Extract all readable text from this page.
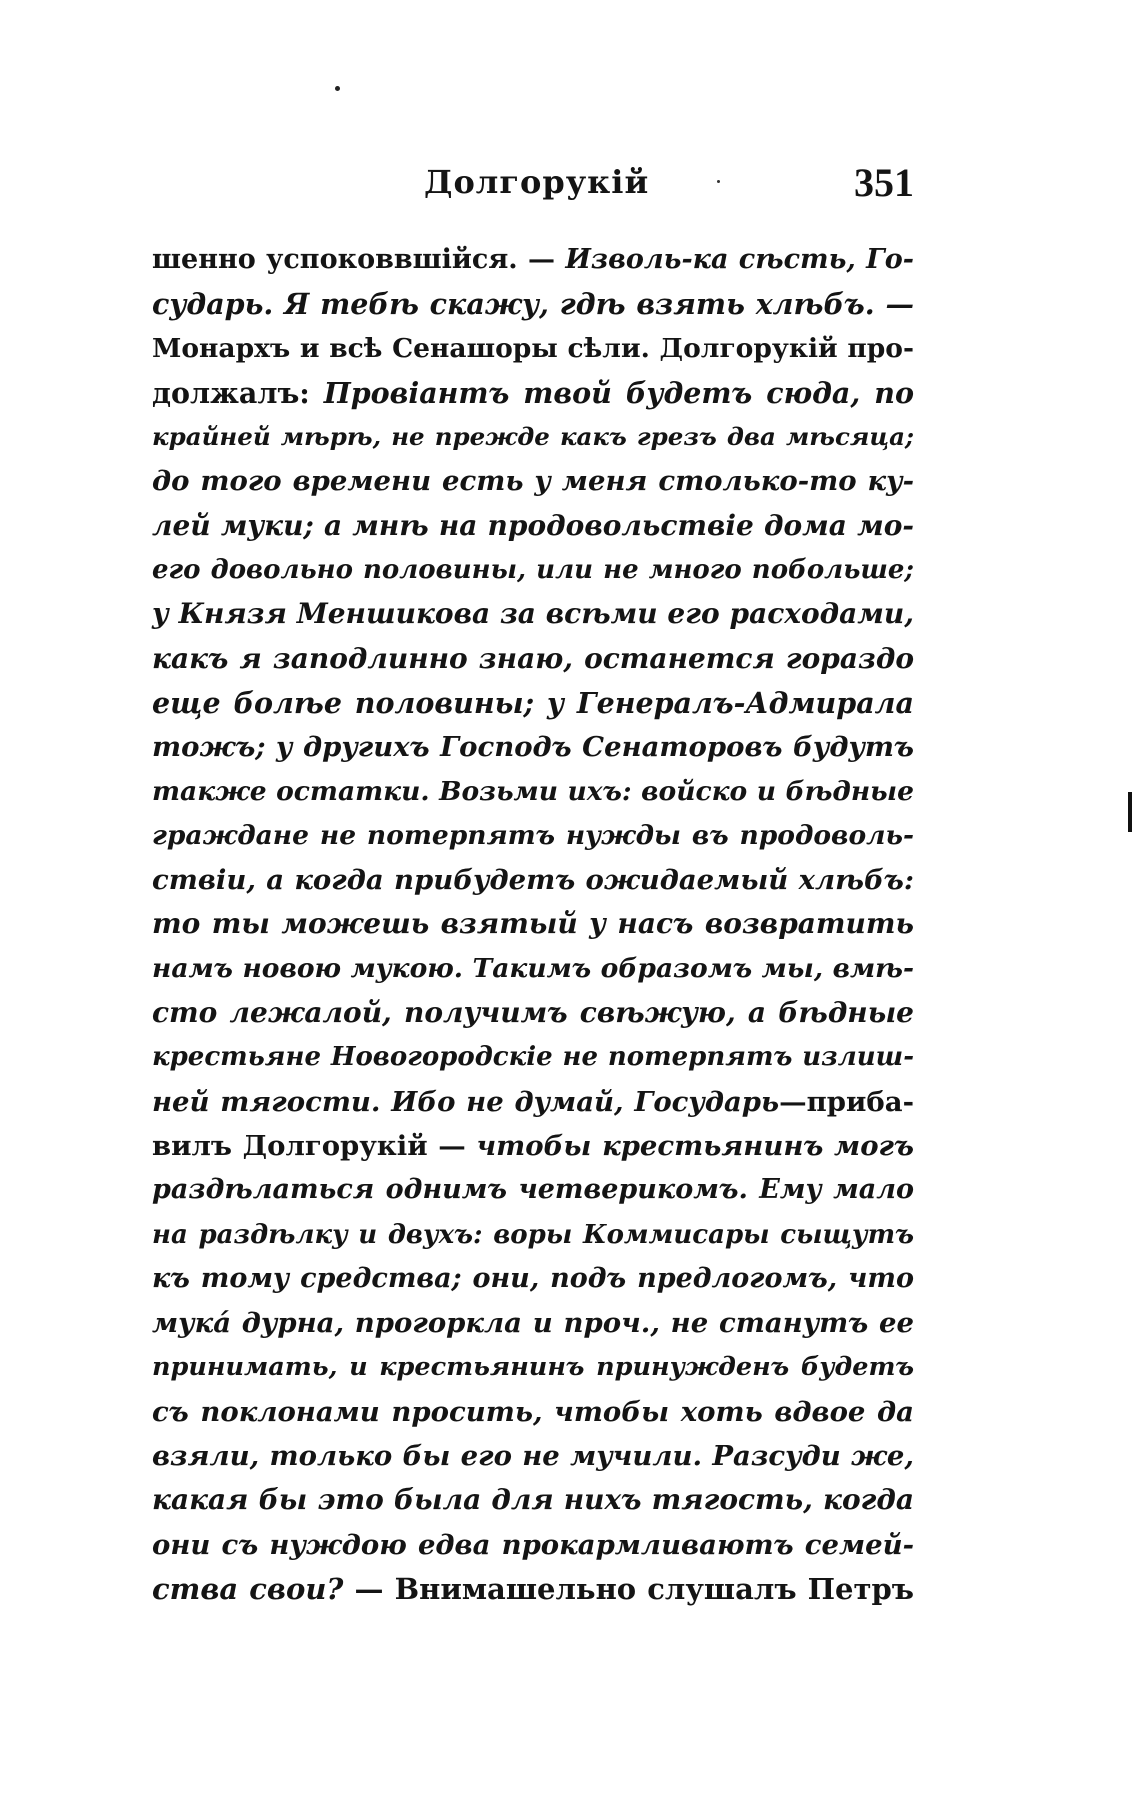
Долгорукій	351
шенно успоковвшійся. — Изволь-ка сѣсть, Го-
сударь. Я тебѣ скажу, гдѣ взять хлѣбъ. —
Монархъ и всѣ Сенашоры сѣли. Долгорукій про-
должалъ: Провіантъ твой будетъ сюда, по
крайней мѣрѣ, не прежде какъ грезъ два мѣсяца;
до того времени есть у меня столько-то ку-
лей муки; а мнѣ на продовольствіе дома мо-
его довольно половины, или не много побольше;
у Князя Меншикова за всѣми его расходами,
какъ я заподлинно знаю, останется гораздо
еще болѣе половины; у Генералъ-Адмирала
тожъ; у другихъ Господъ Сенаторовъ будутъ
также остатки. Возьми ихъ: войско и бѣдные
граждане не потерпятъ нужды въ продоволь-
ствіи, а когда прибудетъ ожидаемый хлѣбъ:
то ты можешь взятый у насъ возвратить
намъ новою мукою. Такимъ образомъ мы, вмѣ-
сто лежалой, получимъ свѣжую, а бѣдные
крестьяне Новогородскіе не потерпятъ излиш-
ней тягости. Ибо не думай, Государь—приба-
вилъ Долгорукій — чтобы крестьянинъ могъ
раздѣлаться однимъ четверикомъ. Ему мало
на раздѣлку и двухъ: воры Коммисары сыщутъ
къ тому средства; они, подъ предлогомъ, что
мукá дурна, прогоркла и проч., не станутъ ее
принимать, и крестьянинъ принужденъ будетъ
съ поклонами просить, чтобы хоть вдвое да
взяли, только бы его не мучили. Разсуди же,
какая бы это была для нихъ тягость, когда
они съ нуждою едва прокармливаютъ семей-
ства свои? — Внимашельно слушалъ Петръ
